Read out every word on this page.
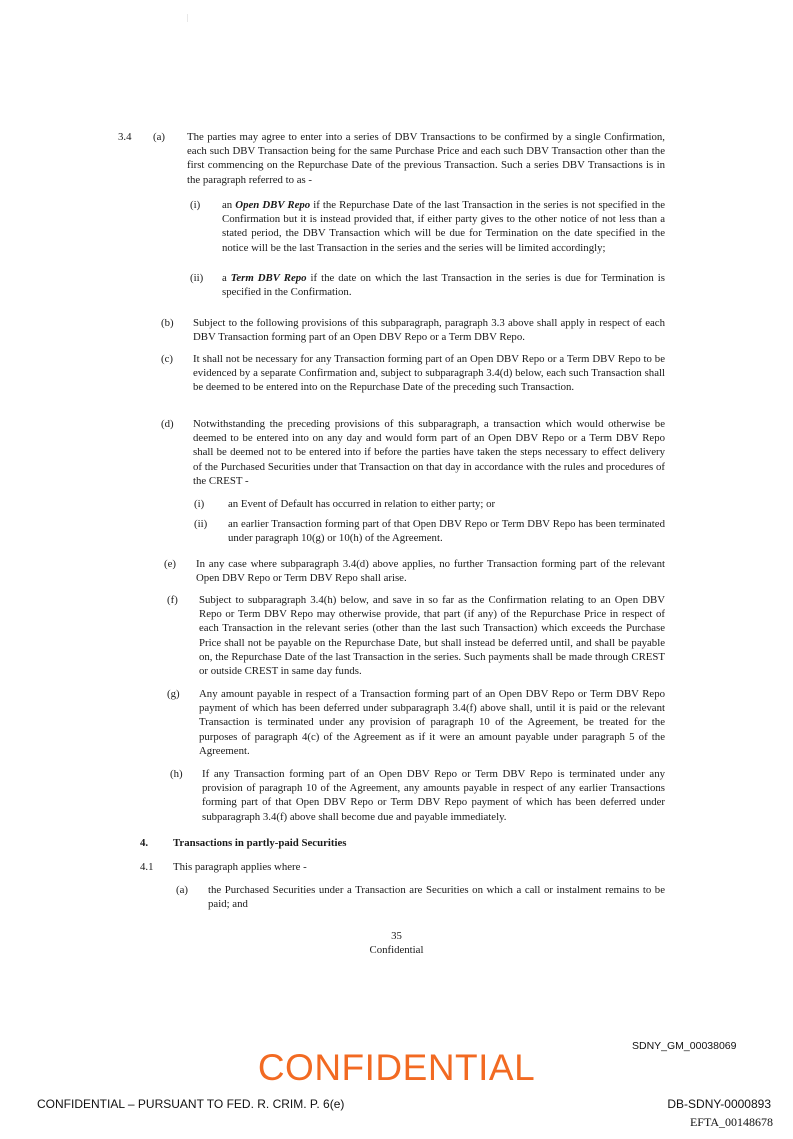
3.4 (a) The parties may agree to enter into a series of DBV Transactions to be confirmed by a single Confirmation, each such DBV Transaction being for the same Purchase Price and each such DBV Transaction other than the first commencing on the Repurchase Date of the previous Transaction. Such a series DBV Transactions is in the paragraph referred to as -
(i) an Open DBV Repo if the Repurchase Date of the last Transaction in the series is not specified in the Confirmation but it is instead provided that, if either party gives to the other notice of not less than a stated period, the DBV Transaction which will be due for Termination on the date specified in the notice will be the last Transaction in the series and the series will be limited accordingly;
(ii) a Term DBV Repo if the date on which the last Transaction in the series is due for Termination is specified in the Confirmation.
(b) Subject to the following provisions of this subparagraph, paragraph 3.3 above shall apply in respect of each DBV Transaction forming part of an Open DBV Repo or a Term DBV Repo.
(c) It shall not be necessary for any Transaction forming part of an Open DBV Repo or a Term DBV Repo to be evidenced by a separate Confirmation and, subject to subparagraph 3.4(d) below, each such Transaction shall be deemed to be entered into on the Repurchase Date of the preceding such Transaction.
(d) Notwithstanding the preceding provisions of this subparagraph, a transaction which would otherwise be deemed to be entered into on any day and would form part of an Open DBV Repo or a Term DBV Repo shall be deemed not to be entered into if before the parties have taken the steps necessary to effect delivery of the Purchased Securities under that Transaction on that day in accordance with the rules and procedures of the CREST -
(i) an Event of Default has occurred in relation to either party; or
(ii) an earlier Transaction forming part of that Open DBV Repo or Term DBV Repo has been terminated under paragraph 10(g) or 10(h) of the Agreement.
(e) In any case where subparagraph 3.4(d) above applies, no further Transaction forming part of the relevant Open DBV Repo or Term DBV Repo shall arise.
(f) Subject to subparagraph 3.4(h) below, and save in so far as the Confirmation relating to an Open DBV Repo or Term DBV Repo may otherwise provide, that part (if any) of the Repurchase Price in respect of each Transaction in the relevant series (other than the last such Transaction) which exceeds the Purchase Price shall not be payable on the Repurchase Date, but shall instead be deferred until, and shall be payable on, the Repurchase Date of the last Transaction in the series. Such payments shall be made through CREST or outside CREST in same day funds.
(g) Any amount payable in respect of a Transaction forming part of an Open DBV Repo or Term DBV Repo payment of which has been deferred under subparagraph 3.4(f) above shall, until it is paid or the relevant Transaction is terminated under any provision of paragraph 10 of the Agreement, be treated for the purposes of paragraph 4(c) of the Agreement as if it were an amount payable under paragraph 5 of the Agreement.
(h) If any Transaction forming part of an Open DBV Repo or Term DBV Repo is terminated under any provision of paragraph 10 of the Agreement, any amounts payable in respect of any earlier Transactions forming part of that Open DBV Repo or Term DBV Repo payment of which has been deferred under subparagraph 3.4(f) above shall become due and payable immediately.
4. Transactions in partly-paid Securities
4.1 This paragraph applies where -
(a) the Purchased Securities under a Transaction are Securities on which a call or instalment remains to be paid; and
35
Confidential
SDNY_GM_00038069
CONFIDENTIAL
CONFIDENTIAL – PURSUANT TO FED. R. CRIM. P. 6(e)	DB-SDNY-0000893
EFTA_00148678
